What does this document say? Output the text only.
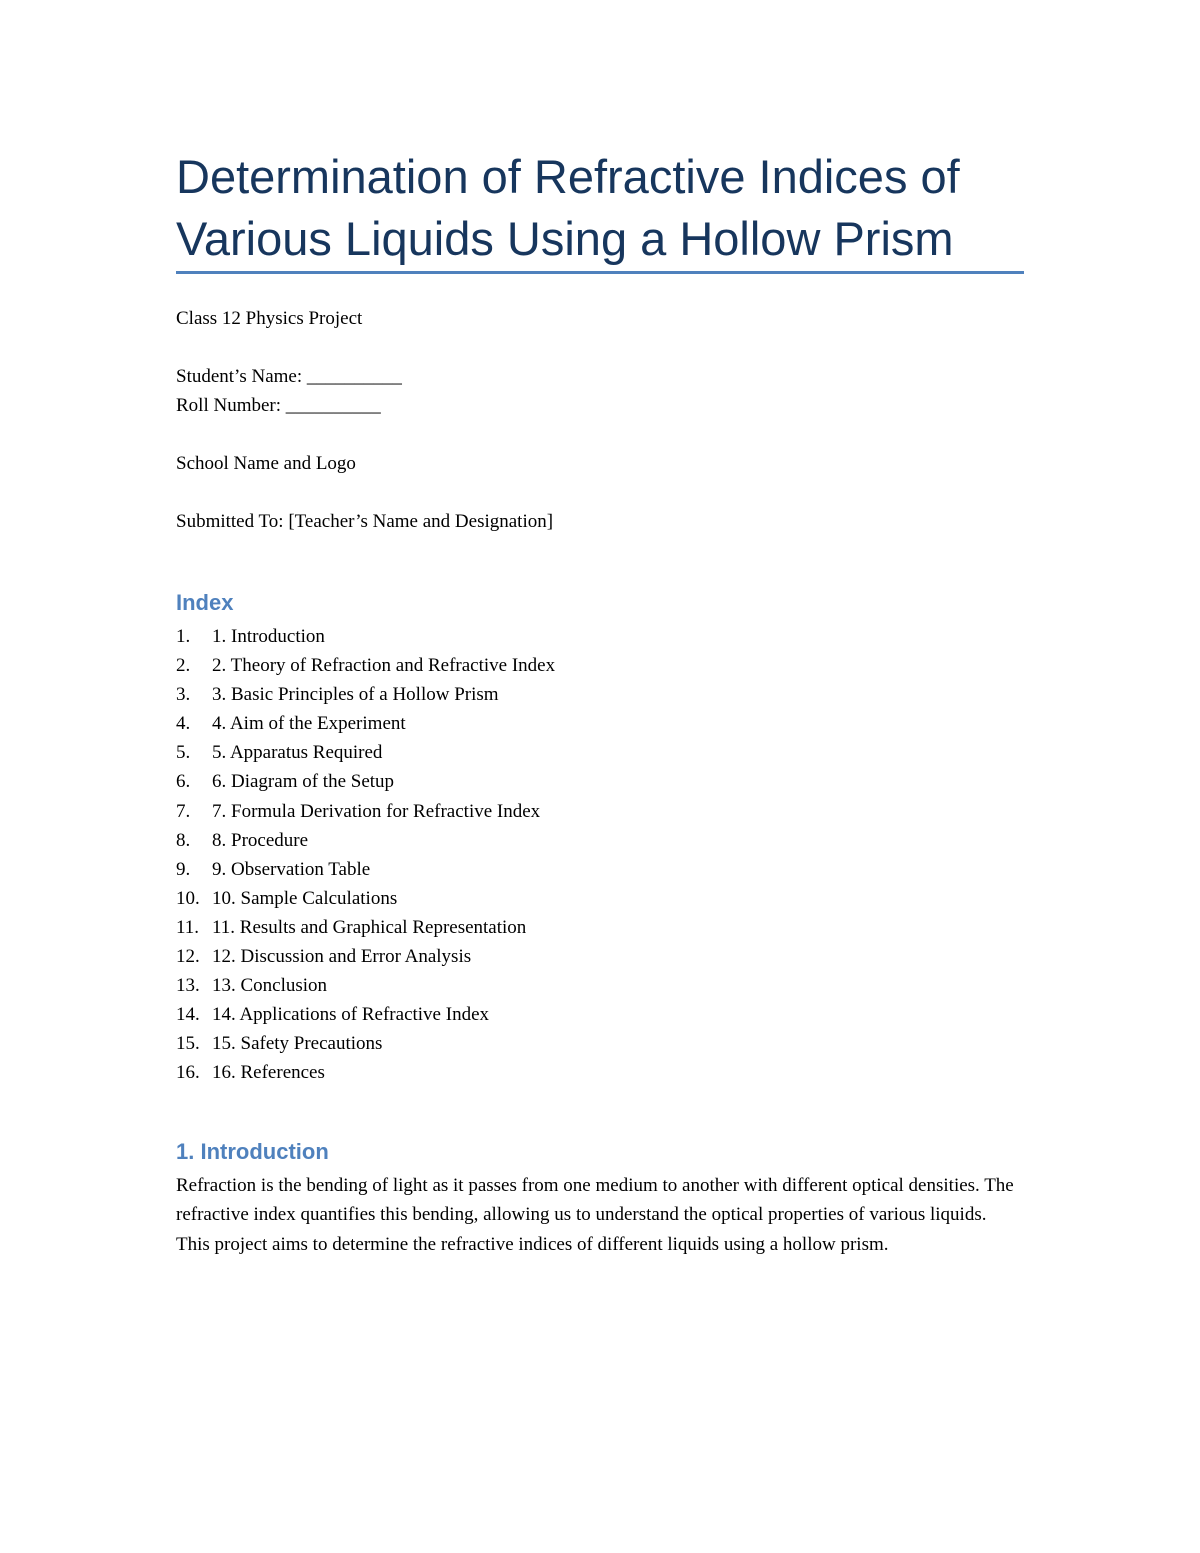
Determination of Refractive Indices of Various Liquids Using a Hollow Prism

Class 12 Physics Project

Student’s Name: __________
Roll Number: __________

School Name and Logo

Submitted To: [Teacher’s Name and Designation]

Index
1.	1. Introduction
2.	2. Theory of Refraction and Refractive Index
3.	3. Basic Principles of a Hollow Prism
4.	4. Aim of the Experiment
5.	5. Apparatus Required
6.	6. Diagram of the Setup
7.	7. Formula Derivation for Refractive Index
8.	8. Procedure
9.	9. Observation Table
10. 10. Sample Calculations
11. 11. Results and Graphical Representation
12. 12. Discussion and Error Analysis
13. 13. Conclusion
14. 14. Applications of Refractive Index
15. 15. Safety Precautions
16. 16. References
1. Introduction

Refraction is the bending of light as it passes from one medium to another with different optical densities. The refractive index quantifies this bending, allowing us to understand the optical properties of various liquids. This project aims to determine the refractive indices of different liquids using a hollow prism.
